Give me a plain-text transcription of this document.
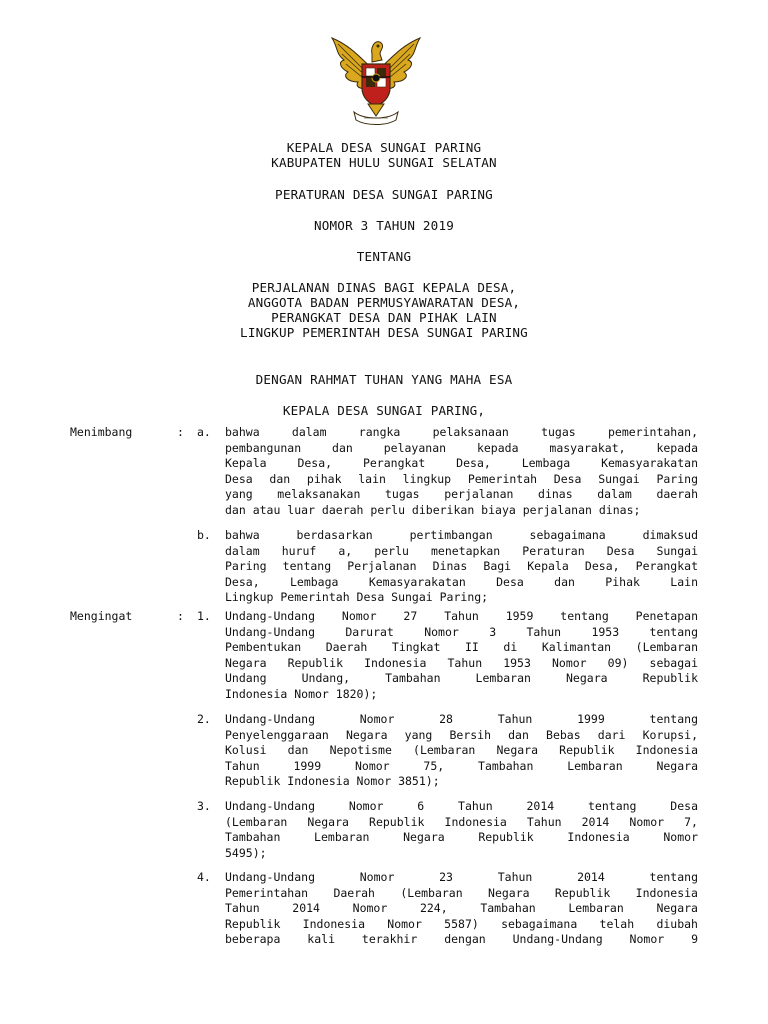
KEPALA DESA SUNGAI PARING
KABUPATEN HULU SUNGAI SELATAN
PERATURAN DESA SUNGAI PARING
NOMOR 3 TAHUN 2019
TENTANG
PERJALANAN DINAS BAGI KEPALA DESA,
ANGGOTA BADAN PERMUSYAWARATAN DESA,
PERANGKAT DESA DAN PIHAK LAIN
LINGKUP PEMERINTAH DESA SUNGAI PARING
DENGAN RAHMAT TUHAN YANG MAHA ESA
KEPALA DESA SUNGAI PARING,
Menimbang	: a. bahwa dalam rangka pelaksanaan tugas pemerintahan,
pembangunan dan pelayanan kepada masyarakat, kepada
Kepala Desa, Perangkat Desa, Lembaga Kemasyarakatan
Desa dan pihak lain lingkup Pemerintah Desa Sungai Paring
yang melaksanakan tugas perjalanan dinas dalam daerah
dan atau luar daerah perlu diberikan biaya perjalanan dinas;
b. bahwa berdasarkan pertimbangan sebagaimana dimaksud
dalam huruf a, perlu menetapkan Peraturan Desa Sungai
Paring tentang Perjalanan Dinas Bagi Kepala Desa, Perangkat
Desa, Lembaga Kemasyarakatan Desa dan Pihak Lain
Lingkup Pemerintah Desa Sungai Paring;
Mengingat	: 1. Undang-Undang Nomor 27 Tahun 1959 tentang Penetapan
Undang-Undang Darurat Nomor 3 Tahun 1953 tentang
Pembentukan Daerah Tingkat II di Kalimantan (Lembaran
Negara Republik Indonesia Tahun 1953 Nomor 09) sebagai
Undang Undang, Tambahan Lembaran Negara Republik
Indonesia Nomor 1820);
2. Undang-Undang Nomor 28 Tahun 1999 tentang
Penyelenggaraan Negara yang Bersih dan Bebas dari Korupsi,
Kolusi dan Nepotisme (Lembaran Negara Republik Indonesia
Tahun 1999 Nomor 75, Tambahan Lembaran Negara
Republik Indonesia Nomor 3851);
3. Undang-Undang Nomor 6 Tahun 2014 tentang Desa
(Lembaran Negara Republik Indonesia Tahun 2014 Nomor 7,
Tambahan Lembaran Negara Republik Indonesia Nomor
5495);
4. Undang-Undang Nomor 23 Tahun 2014 tentang
Pemerintahan Daerah (Lembaran Negara Republik Indonesia
Tahun 2014 Nomor 224, Tambahan Lembaran Negara
Republik Indonesia Nomor 5587) sebagaimana telah diubah
beberapa kali terakhir dengan Undang-Undang Nomor 9
